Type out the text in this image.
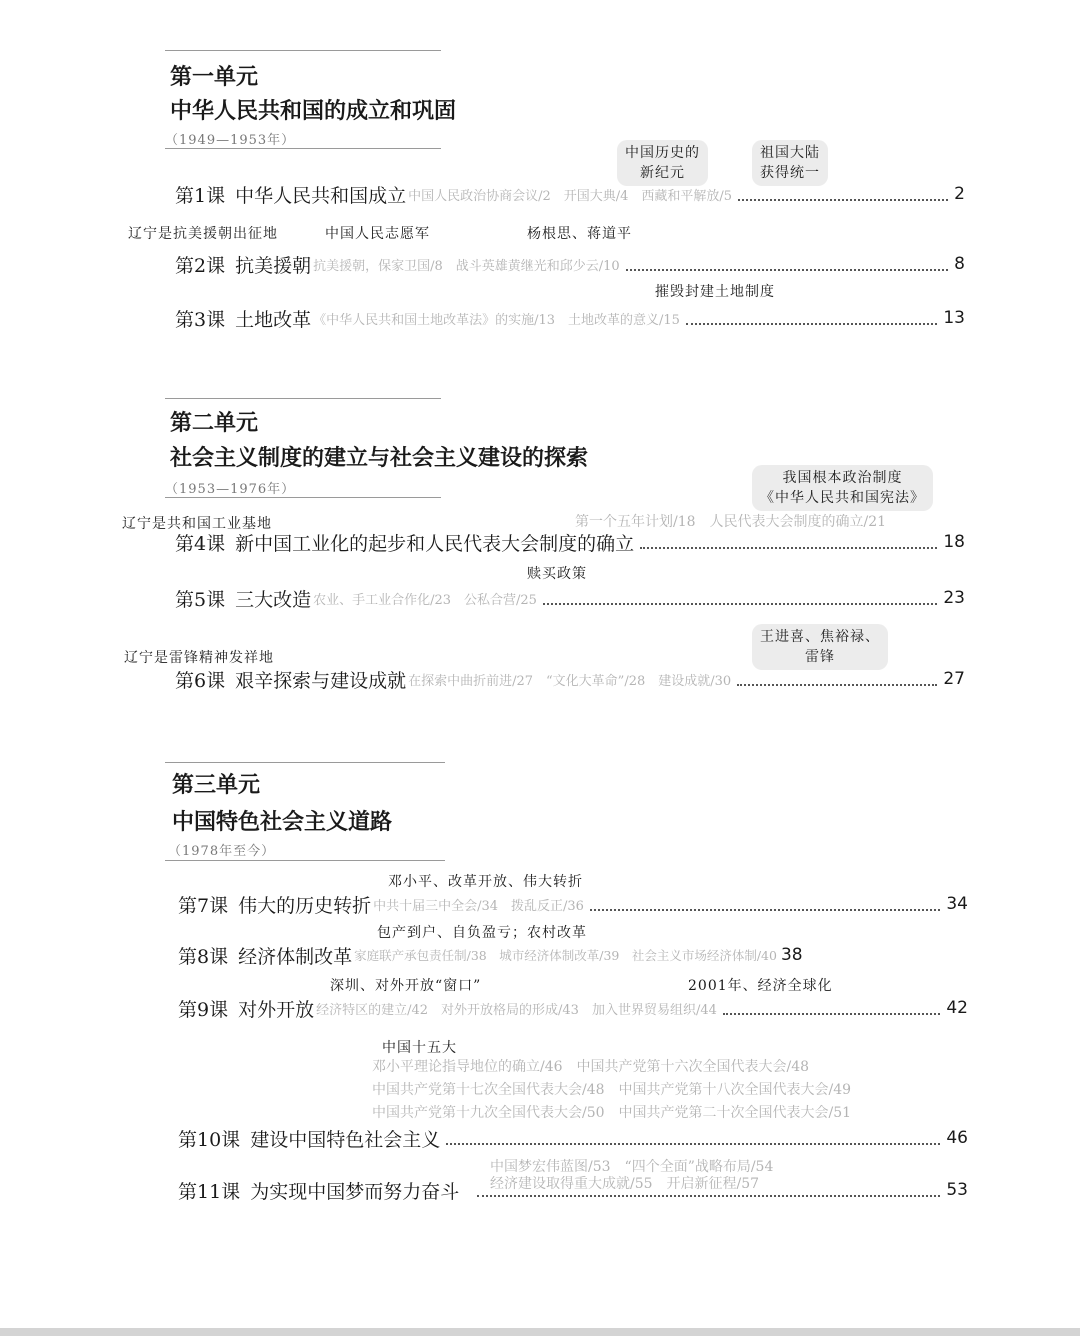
第一单元
中华人民共和国的成立和巩固
（1949—1953年）
中国历史的
新纪元
祖国大陆
获得统一
第1课 中华人民共和国成立 中国人民政治协商会议/2　开国大典/4　西藏和平解放/5	2
辽宁是抗美援朝出征地	中国人民志愿军	杨根思、蒋道平
第2课 抗美援朝 抗美援朝，保家卫国/8　战斗英雄黄继光和邱少云/10	8
摧毁封建土地制度
第3课 土地改革 《中华人民共和国土地改革法》的实施/13　土地改革的意义/15	13
第二单元
社会主义制度的建立与社会主义建设的探索
（1953—1976年）
我国根本政治制度
《中华人民共和国宪法》
辽宁是共和国工业基地	第一个五年计划/18　人民代表大会制度的确立/21
第4课 新中国工业化的起步和人民代表大会制度的确立	18
赎买政策
第5课 三大改造 农业、手工业合作化/23　公私合营/25	23
王进喜、焦裕禄、
雷锋
辽宁是雷锋精神发祥地
第6课 艰辛探索与建设成就 在探索中曲折前进/27　“文化大革命”/28　建设成就/30	27
第三单元
中国特色社会主义道路
（1978年至今）
邓小平、改革开放、伟大转折
第7课 伟大的历史转折 中共十届三中全会/34　拨乱反正/36	34
包产到户、自负盈亏；农村改革
第8课 经济体制改革 家庭联产承包责任制/38　城市经济体制改革/39　社会主义市场经济体制/40 38
深圳、对外开放“窗口”	2001年、经济全球化
第9课 对外开放 经济特区的建立/42　对外开放格局的形成/43　加入世界贸易组织/44	42
中国十五大
邓小平理论指导地位的确立/46　中国共产党第十六次全国代表大会/48
中国共产党第十七次全国代表大会/48　中国共产党第十八次全国代表大会/49
中国共产党第十九次全国代表大会/50　中国共产党第二十次全国代表大会/51
第10课 建设中国特色社会主义	46
中国梦宏伟蓝图/53　“四个全面”战略布局/54
经济建设取得重大成就/55　开启新征程/57
第11课 为实现中国梦而努力奋斗	53
